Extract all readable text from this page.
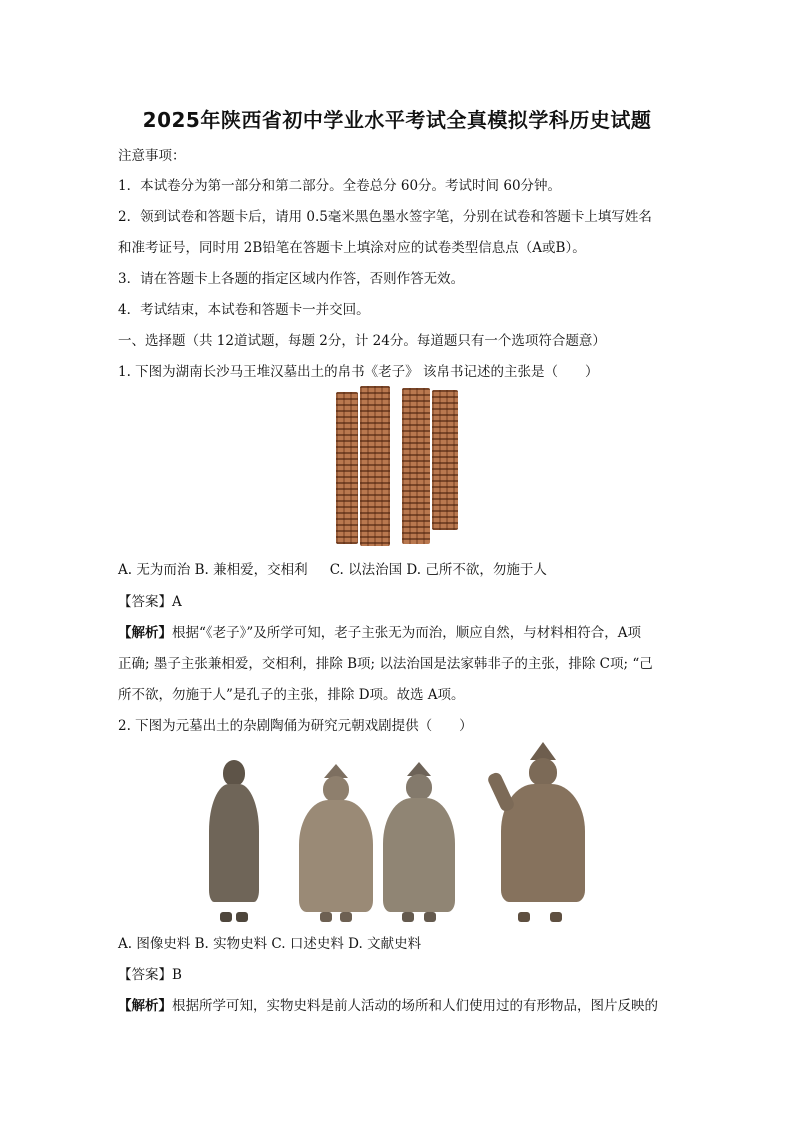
2025年陕西省初中学业水平考试全真模拟学科历史试题
注意事项：
1．本试卷分为第一部分和第二部分。全卷总分 60分。考试时间 60分钟。
2．领到试卷和答题卡后，请用 0.5毫米黑色墨水签字笔，分别在试卷和答题卡上填写姓名
和准考证号，同时用 2B铅笔在答题卡上填涂对应的试卷类型信息点（A或B）。
3．请在答题卡上各题的指定区域内作答，否则作答无效。
4．考试结束，本试卷和答题卡一并交回。
一、选择题（共 12道试题，每题 2分，计 24分。每道题只有一个选项符合题意）
1. 下图为湖南长沙马王堆汉墓出土的帛书《老子》 该帛书记述的主张是（　　）
A. 无为而治 B. 兼相爱，交相利 　 C. 以法治国 D. 己所不欲，勿施于人
【答案】A
【解析】根据“《老子》”及所学可知，老子主张无为而治，顺应自然，与材料相符合，A项
正确; 墨子主张兼相爱，交相利，排除 B项; 以法治国是法家韩非子的主张，排除 C项; “己
所不欲，勿施于人”是孔子的主张，排除 D项。故选 A项。
2. 下图为元墓出土的杂剧陶俑为研究元朝戏剧提供（　　）
A. 图像史料 B. 实物史料 C. 口述史料 D. 文献史料
【答案】B
【解析】根据所学可知，实物史料是前人活动的场所和人们使用过的有形物品，图片反映的
